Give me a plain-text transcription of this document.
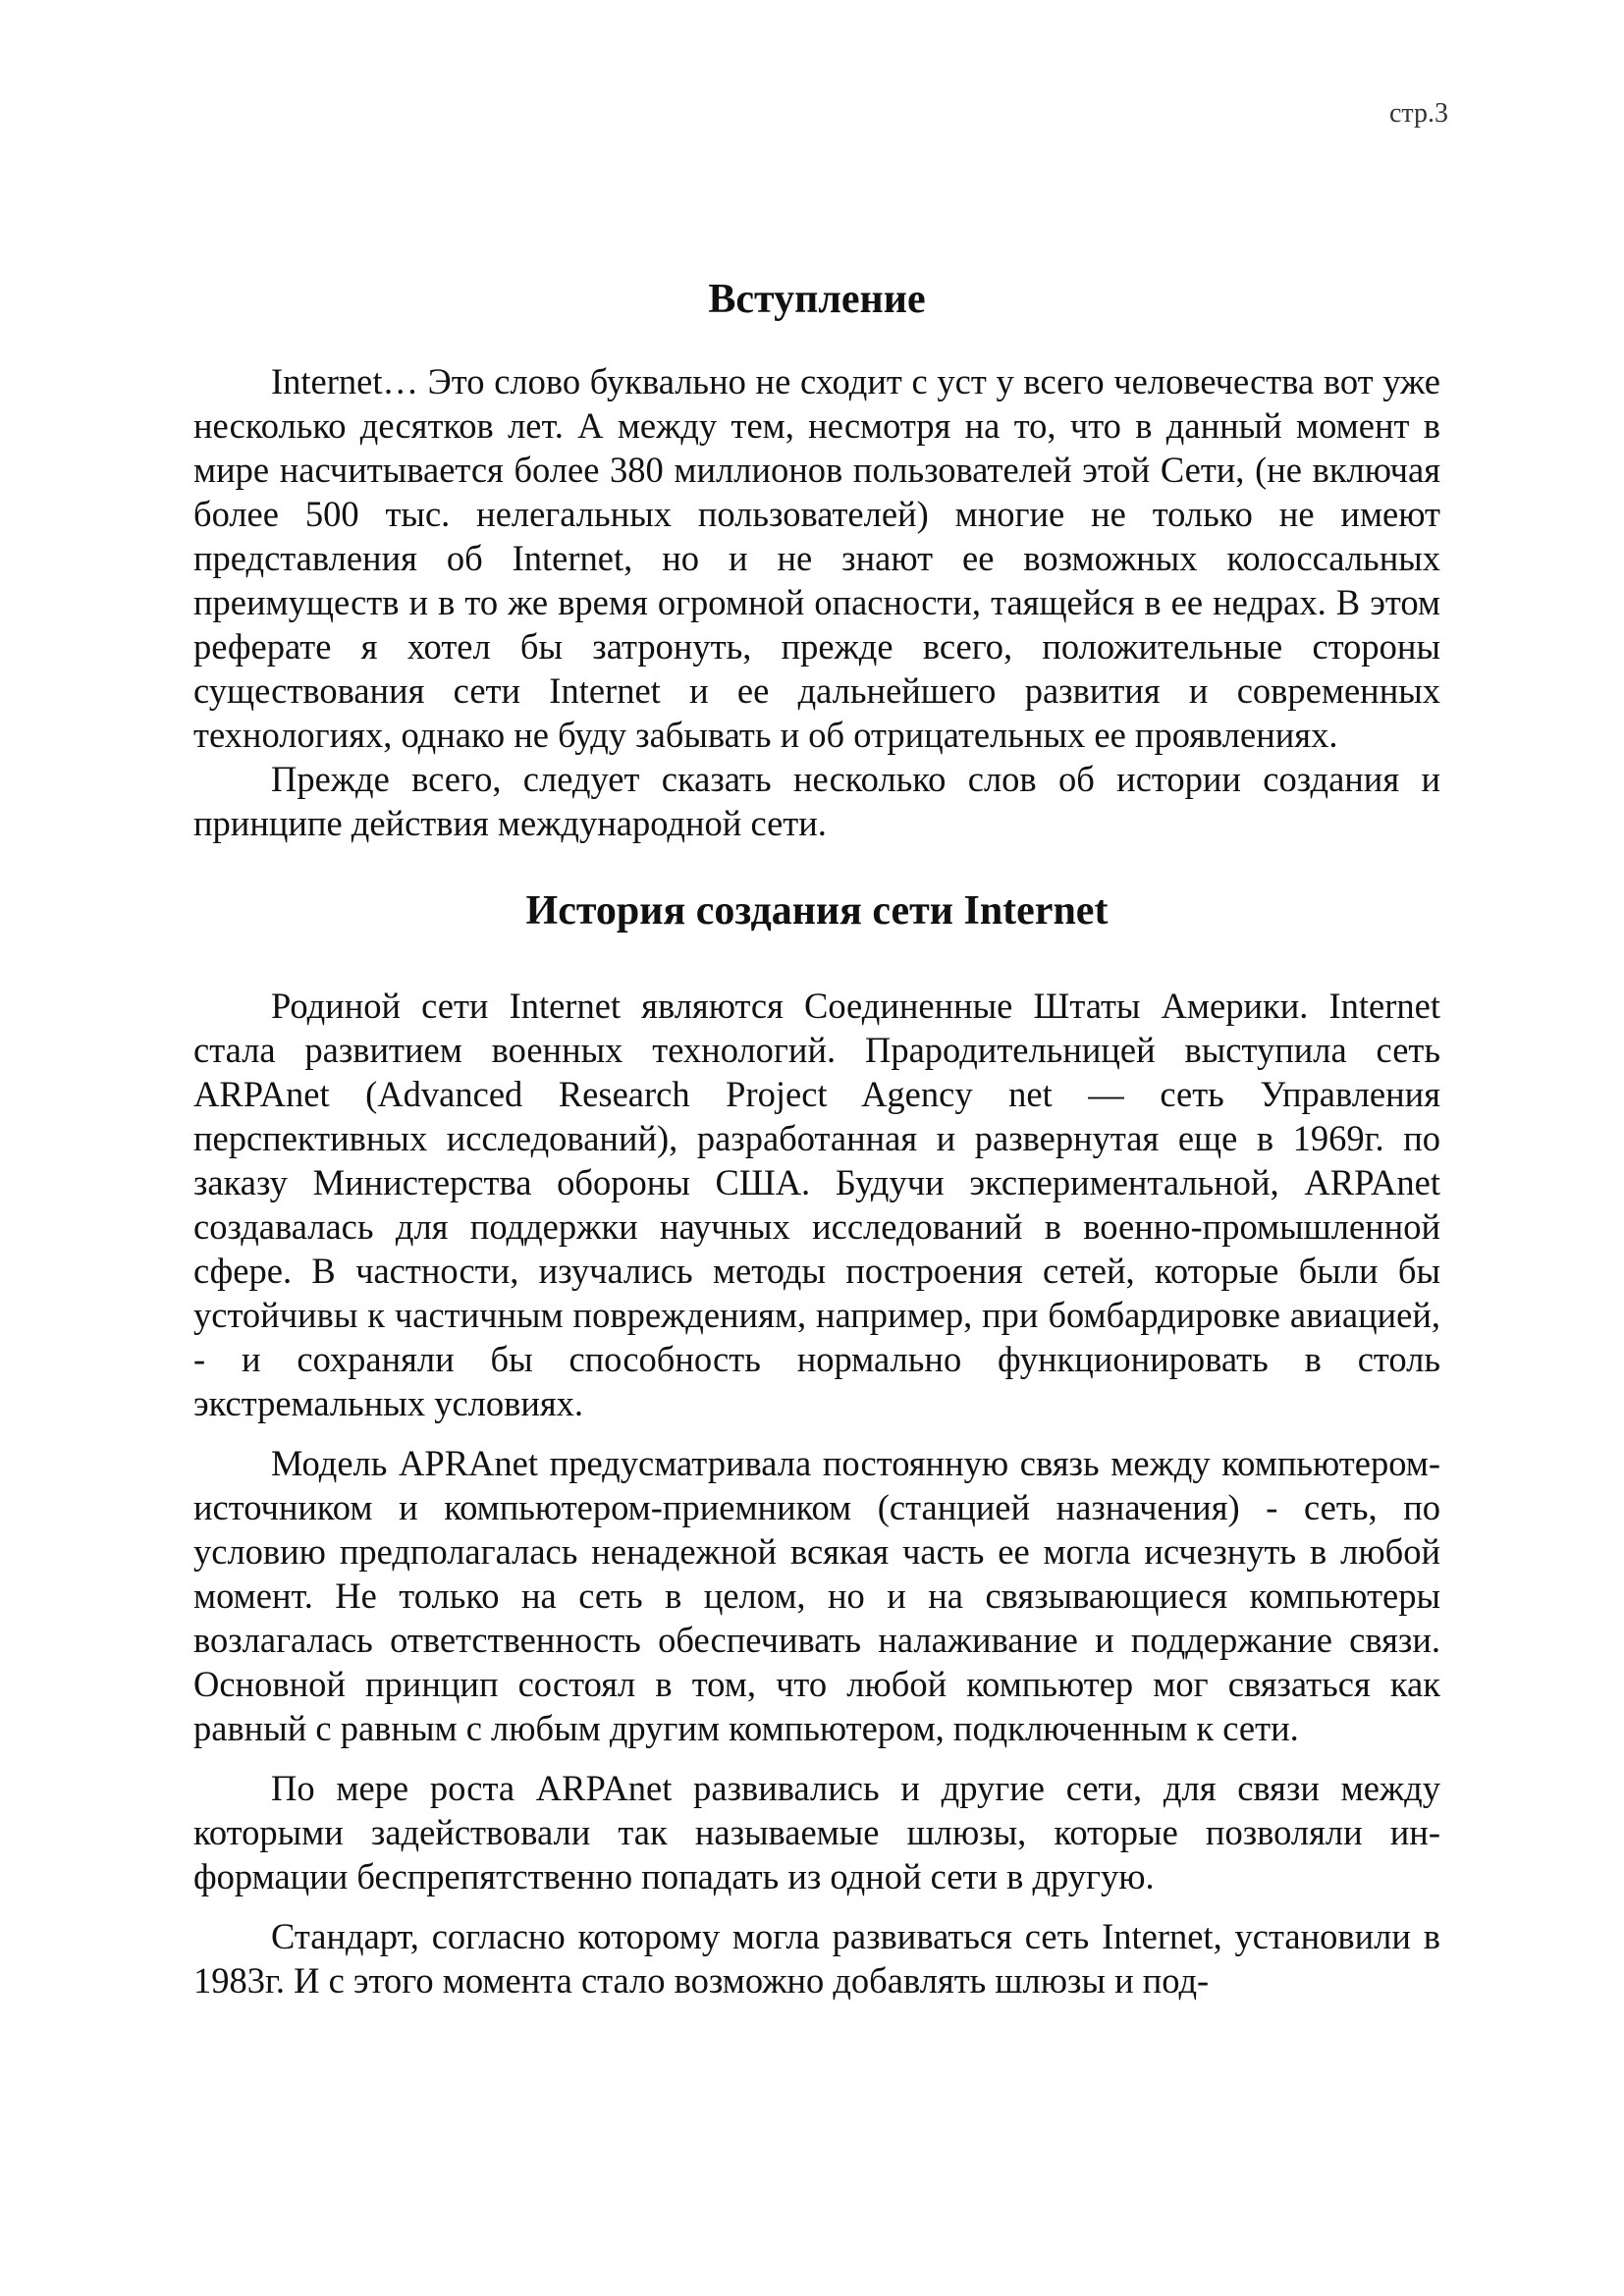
стр.3
Вступление

Internet… Это слово буквально не сходит с уст у всего человечества вот уже несколько десятков лет. А между тем, несмотря на то, что в данный момент в мире насчитывается более 380 миллионов пользователей этой Сети, (не включая более 500 тыс. нелегальных пользователей) многие не только не имеют представления об Internet, но и не знают ее возможных колоссальных преимуществ и в то же время огромной опасности, таящейся в ее недрах. В этом реферате я хотел бы затронуть, прежде всего, положительные стороны существования сети Internet и ее дальнейшего развития и современных технологиях, однако не буду забывать и об отрицательных ее проявлениях.

Прежде всего, следует сказать несколько слов об истории создания и принципе действия международной сети.

История создания сети Internet

Родиной сети Internet являются Соединенные Штаты Америки. Internet стала развитием военных технологий. Прародительницей выступила сеть ARPAnet (Advanced Research Project Agency net — сеть Управления перспективных исследований), разработанная и развернутая еще в 1969г. по заказу Министерства обороны США. Будучи экспериментальной, ARPAnet создавалась для поддержки научных исследований в военно-промышленной сфере. В частности, изучались методы построения сетей, которые были бы устойчивы к частичным повреждениям, например, при бомбардировке авиацией, - и сохраняли бы способность нормально функционировать в столь экстремальных условиях.

Модель APRAnet предусматривала постоянную связь между компьютером-источником и компьютером-приемником (станцией назначения) - сеть, по условию предполагалась ненадежной всякая часть ее могла исчезнуть в любой момент. Не только на сеть в целом, но и на связывающиеся компьютеры возлагалась ответственность обеспечивать налаживание и поддержание связи. Основной принцип состоял в том, что любой компьютер мог связаться как равный с равным с любым другим компьютером, подключенным к сети.

По мере роста ARPAnet развивались и другие сети, для связи между которыми задействовали так называемые шлюзы, которые позволяли информации беспрепятственно попадать из одной сети в другую.

Стандарт, согласно которому могла развиваться сеть Internet, установили в 1983г. И с этого момента стало возможно добавлять шлюзы и под-
